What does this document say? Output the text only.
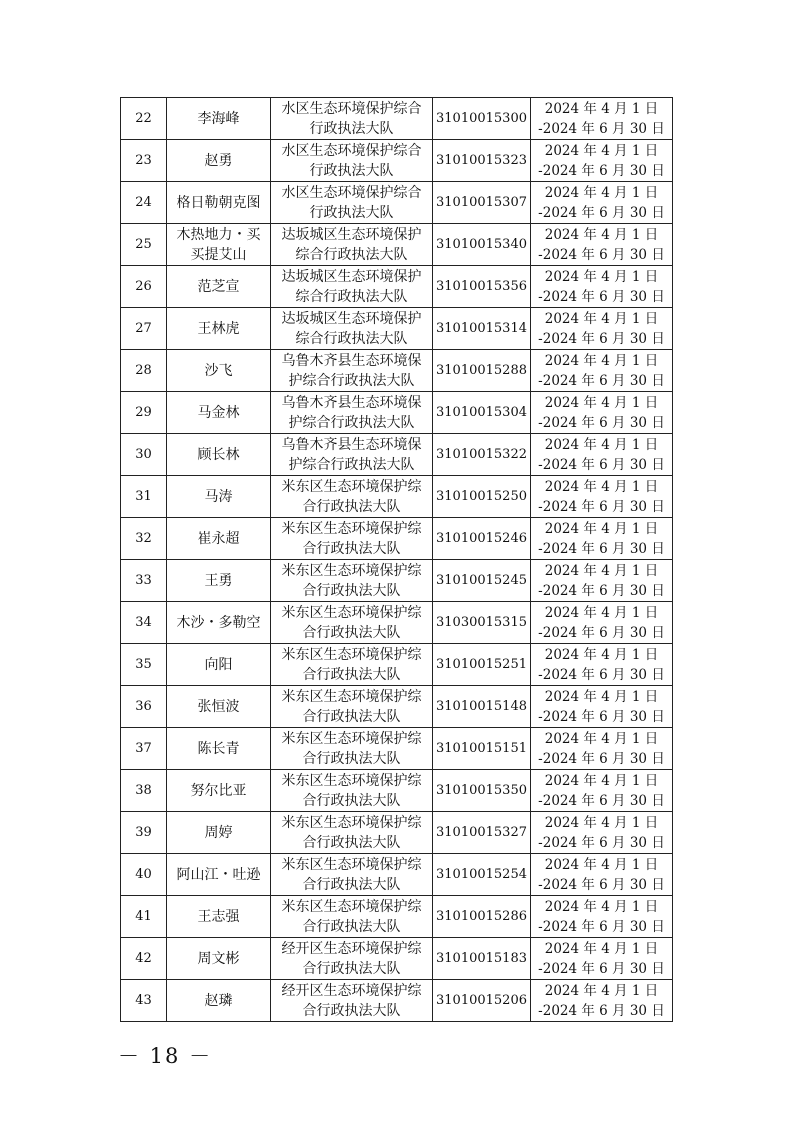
22	李海峰	水区生态环境保护综合
行政执法大队	31010015300	2024 年 4 月 1 日
-2024 年 6 月 30 日

23	赵勇	水区生态环境保护综合
行政执法大队	31010015323	2024 年 4 月 1 日
-2024 年 6 月 30 日

24	格日勒朝克图	水区生态环境保护综合
行政执法大队	31010015307	2024 年 4 月 1 日
-2024 年 6 月 30 日

25	木热地力・买
买提艾山	达坂城区生态环境保护
综合行政执法大队	31010015340	2024 年 4 月 1 日
-2024 年 6 月 30 日

26	范芝宣	达坂城区生态环境保护
综合行政执法大队	31010015356	2024 年 4 月 1 日
-2024 年 6 月 30 日

27	王林虎	达坂城区生态环境保护
综合行政执法大队	31010015314	2024 年 4 月 1 日
-2024 年 6 月 30 日

28	沙飞	乌鲁木齐县生态环境保
护综合行政执法大队	31010015288	2024 年 4 月 1 日
-2024 年 6 月 30 日

29	马金林	乌鲁木齐县生态环境保
护综合行政执法大队	31010015304	2024 年 4 月 1 日
-2024 年 6 月 30 日

30	顾长林	乌鲁木齐县生态环境保
护综合行政执法大队	31010015322	2024 年 4 月 1 日
-2024 年 6 月 30 日

31	马涛	米东区生态环境保护综
合行政执法大队	31010015250	2024 年 4 月 1 日
-2024 年 6 月 30 日

32	崔永超	米东区生态环境保护综
合行政执法大队	31010015246	2024 年 4 月 1 日
-2024 年 6 月 30 日

33	王勇	米东区生态环境保护综
合行政执法大队	31010015245	2024 年 4 月 1 日
-2024 年 6 月 30 日

34	木沙・多勒空	米东区生态环境保护综
合行政执法大队	31030015315	2024 年 4 月 1 日
-2024 年 6 月 30 日

35	向阳	米东区生态环境保护综
合行政执法大队	31010015251	2024 年 4 月 1 日
-2024 年 6 月 30 日

36	张恒波	米东区生态环境保护综
合行政执法大队	31010015148	2024 年 4 月 1 日
-2024 年 6 月 30 日

37	陈长青	米东区生态环境保护综
合行政执法大队	31010015151	2024 年 4 月 1 日
-2024 年 6 月 30 日

38	努尔比亚	米东区生态环境保护综
合行政执法大队	31010015350	2024 年 4 月 1 日
-2024 年 6 月 30 日

39	周婷	米东区生态环境保护综
合行政执法大队	31010015327	2024 年 4 月 1 日
-2024 年 6 月 30 日

40	阿山江・吐逊	米东区生态环境保护综
合行政执法大队	31010015254	2024 年 4 月 1 日
-2024 年 6 月 30 日

41	王志强	米东区生态环境保护综
合行政执法大队	31010015286	2024 年 4 月 1 日
-2024 年 6 月 30 日

42	周文彬	经开区生态环境保护综
合行政执法大队	31010015183	2024 年 4 月 1 日
-2024 年 6 月 30 日

43	赵璘	经开区生态环境保护综
合行政执法大队	31010015206	2024 年 4 月 1 日
-2024 年 6 月 30 日
－ 18 －
